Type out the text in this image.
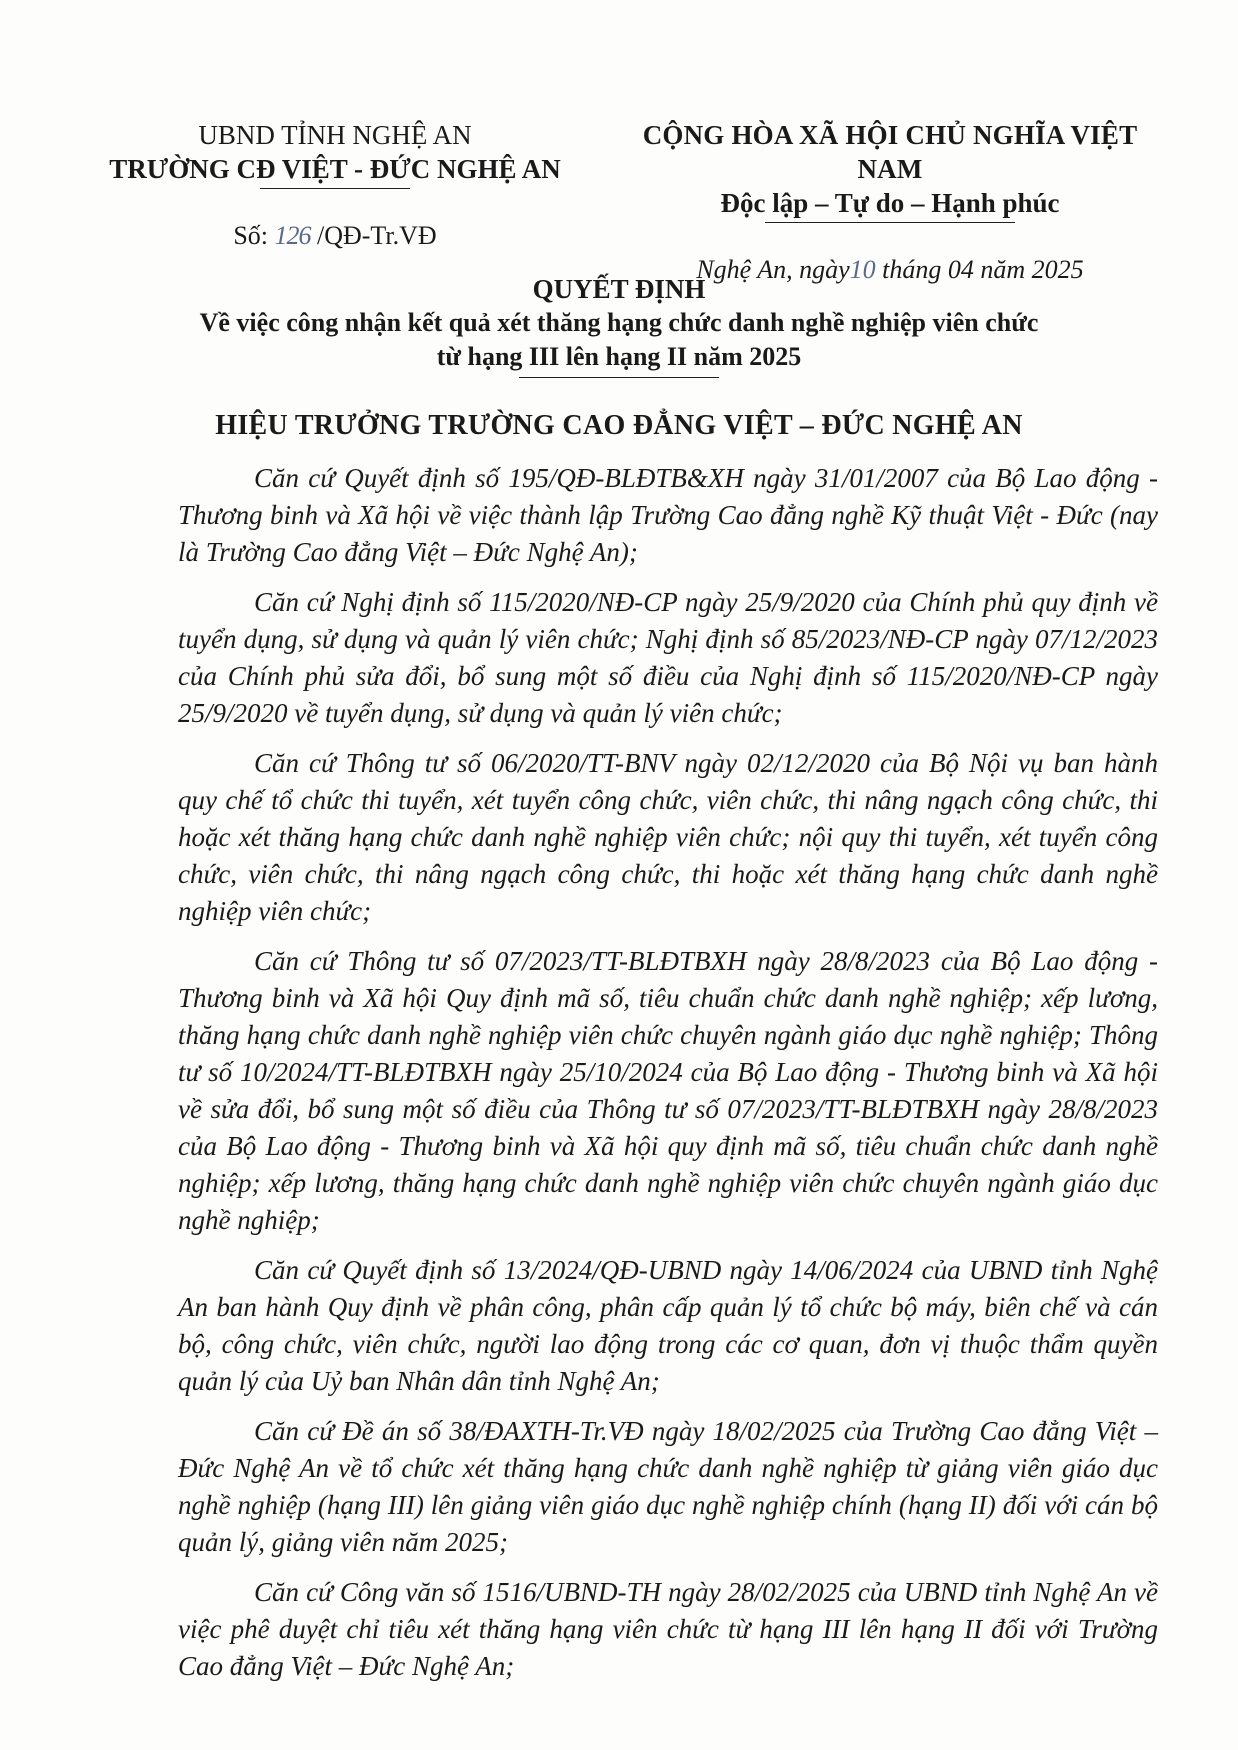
UBND TỈNH NGHỆ AN
TRƯỜNG CĐ VIỆT - ĐỨC NGHỆ AN
Số: 126 /QĐ-Tr.VĐ
CỘNG HÒA XÃ HỘI CHỦ NGHĨA VIỆT NAM
Độc lập – Tự do – Hạnh phúc
Nghệ An, ngày10 tháng 04 năm 2025
QUYẾT ĐỊNH
Về việc công nhận kết quả xét thăng hạng chức danh nghề nghiệp viên chức
từ hạng III lên hạng II năm 2025
HIỆU TRƯỞNG TRƯỜNG CAO ĐẲNG VIỆT – ĐỨC NGHỆ AN

Căn cứ Quyết định số 195/QĐ-BLĐTB&XH ngày 31/01/2007 của Bộ Lao động - Thương binh và Xã hội về việc thành lập Trường Cao đẳng nghề Kỹ thuật Việt - Đức (nay là Trường Cao đẳng Việt – Đức Nghệ An);

Căn cứ Nghị định số 115/2020/NĐ-CP ngày 25/9/2020 của Chính phủ quy định về tuyển dụng, sử dụng và quản lý viên chức; Nghị định số 85/2023/NĐ-CP ngày 07/12/2023 của Chính phủ sửa đổi, bổ sung một số điều của Nghị định số 115/2020/NĐ-CP ngày 25/9/2020 về tuyển dụng, sử dụng và quản lý viên chức;

Căn cứ Thông tư số 06/2020/TT-BNV ngày 02/12/2020 của Bộ Nội vụ ban hành quy chế tổ chức thi tuyển, xét tuyển công chức, viên chức, thi nâng ngạch công chức, thi hoặc xét thăng hạng chức danh nghề nghiệp viên chức; nội quy thi tuyển, xét tuyển công chức, viên chức, thi nâng ngạch công chức, thi hoặc xét thăng hạng chức danh nghề nghiệp viên chức;

Căn cứ Thông tư số 07/2023/TT-BLĐTBXH ngày 28/8/2023 của Bộ Lao động - Thương binh và Xã hội Quy định mã số, tiêu chuẩn chức danh nghề nghiệp; xếp lương, thăng hạng chức danh nghề nghiệp viên chức chuyên ngành giáo dục nghề nghiệp; Thông tư số 10/2024/TT-BLĐTBXH ngày 25/10/2024 của Bộ Lao động - Thương binh và Xã hội về sửa đổi, bổ sung một số điều của Thông tư số 07/2023/TT-BLĐTBXH ngày 28/8/2023 của Bộ Lao động - Thương binh và Xã hội quy định mã số, tiêu chuẩn chức danh nghề nghiệp; xếp lương, thăng hạng chức danh nghề nghiệp viên chức chuyên ngành giáo dục nghề nghiệp;

Căn cứ Quyết định số 13/2024/QĐ-UBND ngày 14/06/2024 của UBND tỉnh Nghệ An ban hành Quy định về phân công, phân cấp quản lý tổ chức bộ máy, biên chế và cán bộ, công chức, viên chức, người lao động trong các cơ quan, đơn vị thuộc thẩm quyền quản lý của Uỷ ban Nhân dân tỉnh Nghệ An;

Căn cứ Đề án số 38/ĐAXTH-Tr.VĐ ngày 18/02/2025 của Trường Cao đẳng Việt – Đức Nghệ An về tổ chức xét thăng hạng chức danh nghề nghiệp từ giảng viên giáo dục nghề nghiệp (hạng III) lên giảng viên giáo dục nghề nghiệp chính (hạng II) đối với cán bộ quản lý, giảng viên năm 2025;

Căn cứ Công văn số 1516/UBND-TH ngày 28/02/2025 của UBND tỉnh Nghệ An về việc phê duyệt chỉ tiêu xét thăng hạng viên chức từ hạng III lên hạng II đối với Trường Cao đẳng Việt – Đức Nghệ An;
